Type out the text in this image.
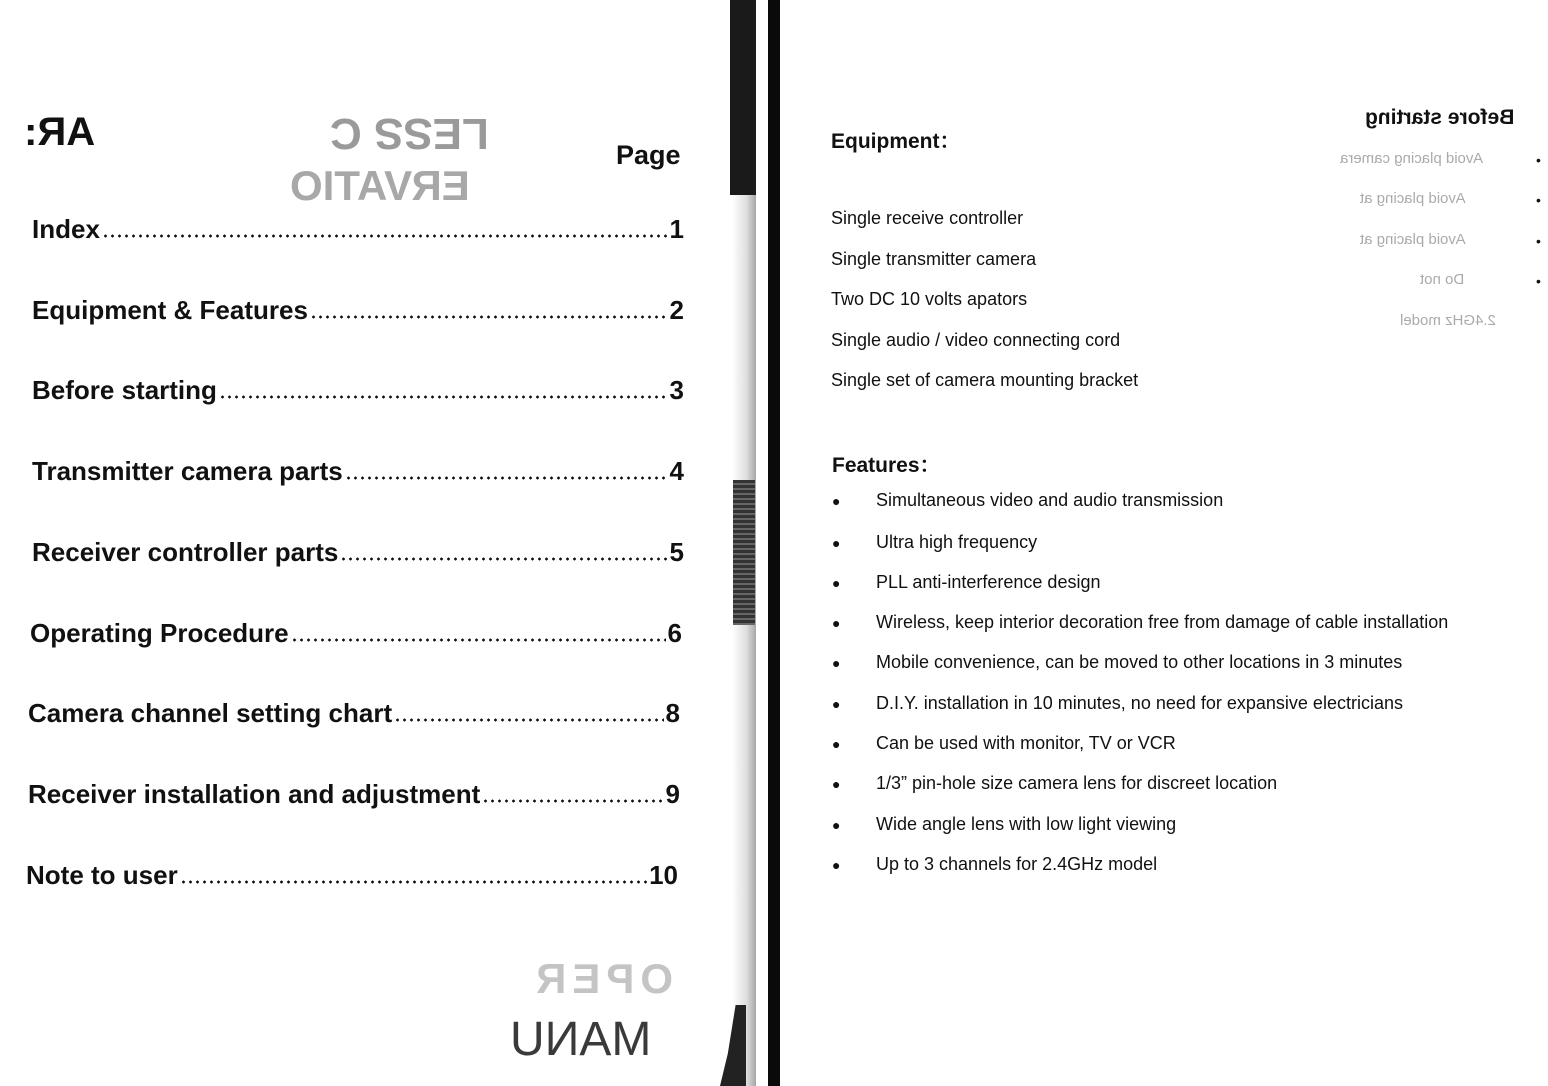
AR:	LESS C
ERVATIO
Page
Index	1
Equipment & Features	2
Before starting	3
Transmitter camera parts	4
Receiver controller parts	5
Operating Procedure	6
Camera channel setting chart	8
Receiver installation and adjustment	9
Note to user	10
OPER
MANU
Equipment：
Single receive controller
Single transmitter camera
Two DC 10 volts apators
Single audio / video connecting cord
Single set of camera mounting bracket
Features：
●	Simultaneous video and audio transmission
●	Ultra high frequency
●	PLL anti-interference design
●	Wireless, keep interior decoration free from damage of cable installation
●	Mobile convenience, can be moved to other locations in 3 minutes
●	D.I.Y. installation in 10 minutes, no need for expansive electricians
●	Can be used with monitor, TV or VCR
●	1/3” pin-hole size camera lens for discreet location
●	Wide angle lens with low light viewing
●	Up to 3 channels for 2.4GHz model
Before starting
Avoid placing camera
Avoid placing at
Avoid placing at
Do not
2.4GHz model
•
•
•
•
